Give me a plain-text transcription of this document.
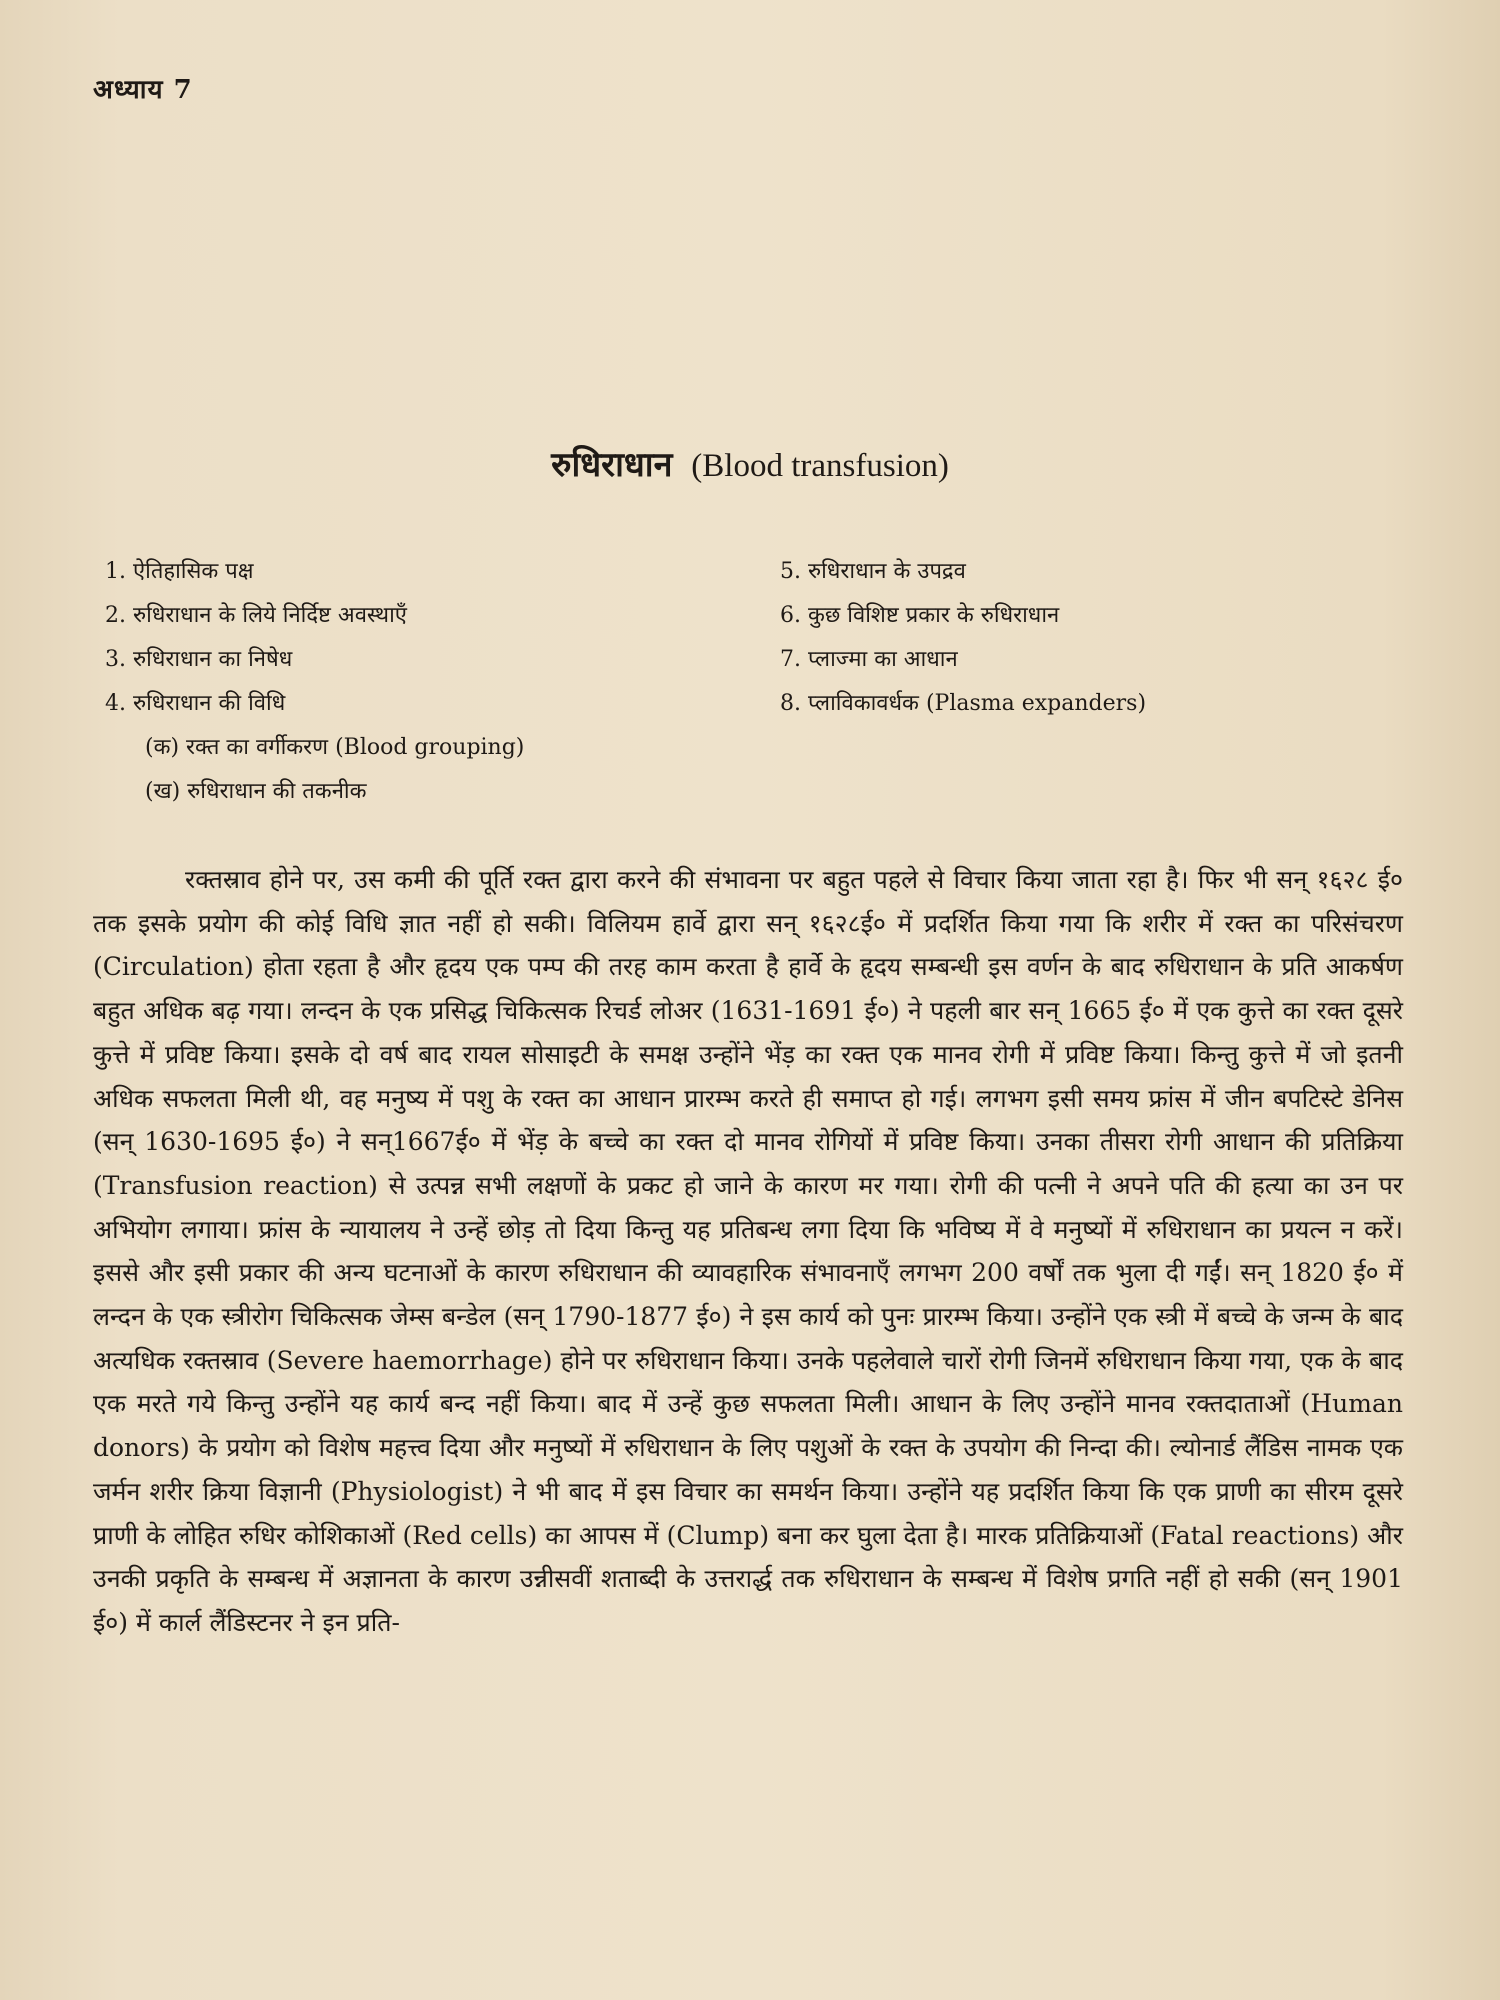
अध्याय 7
रुधिराधान (Blood transfusion)
1. ऐतिहासिक पक्ष
2. रुधिराधान के लिये निर्दिष्ट अवस्थाएँ
3. रुधिराधान का निषेध
4. रुधिराधान की विधि
(क) रक्त का वर्गीकरण (Blood grouping)
(ख) रुधिराधान की तकनीक
5. रुधिराधान के उपद्रव
6. कुछ विशिष्ट प्रकार के रुधिराधान
7. प्लाज्मा का आधान
8. प्लाविकावर्धक (Plasma expanders)

रक्तस्राव होने पर, उस कमी की पूर्ति रक्त द्वारा करने की संभावना पर बहुत पहले से विचार किया जाता रहा है। फिर भी सन् १६२८ ई० तक इसके प्रयोग की कोई विधि ज्ञात नहीं हो सकी। विलियम हार्वे द्वारा सन् १६२८ई० में प्रदर्शित किया गया कि शरीर में रक्त का परिसंचरण (Circulation) होता रहता है और हृदय एक पम्प की तरह काम करता है हार्वे के हृदय सम्बन्धी इस वर्णन के बाद रुधिराधान के प्रति आकर्षण बहुत अधिक बढ़ गया। लन्दन के एक प्रसिद्ध चिकित्सक रिचर्ड लोअर (1631-1691 ई०) ने पहली बार सन् 1665 ई० में एक कुत्ते का रक्त दूसरे कुत्ते में प्रविष्ट किया। इसके दो वर्ष बाद रायल सोसाइटी के समक्ष उन्होंने भेंड़ का रक्त एक मानव रोगी में प्रविष्ट किया। किन्तु कुत्ते में जो इतनी अधिक सफलता मिली थी, वह मनुष्य में पशु के रक्त का आधान प्रारम्भ करते ही समाप्त हो गई। लगभग इसी समय फ्रांस में जीन बपटिस्टे डेनिस (सन् 1630-1695 ई०) ने सन्1667ई० में भेंड़ के बच्चे का रक्त दो मानव रोगियों में प्रविष्ट किया। उनका तीसरा रोगी आधान की प्रतिक्रिया (Transfusion reaction) से उत्पन्न सभी लक्षणों के प्रकट हो जाने के कारण मर गया। रोगी की पत्नी ने अपने पति की हत्या का उन पर अभियोग लगाया। फ्रांस के न्यायालय ने उन्हें छोड़ तो दिया किन्तु यह प्रतिबन्ध लगा दिया कि भविष्य में वे मनुष्यों में रुधिराधान का प्रयत्न न करें। इससे और इसी प्रकार की अन्य घटनाओं के कारण रुधिराधान की व्यावहारिक संभावनाएँ लगभग 200 वर्षों तक भुला दी गईं। सन् 1820 ई० में लन्दन के एक स्त्रीरोग चिकित्सक जेम्स बन्डेल (सन् 1790-1877 ई०) ने इस कार्य को पुनः प्रारम्भ किया। उन्होंने एक स्त्री में बच्चे के जन्म के बाद अत्यधिक रक्तस्राव (Severe haemorrhage) होने पर रुधिराधान किया। उनके पहलेवाले चारों रोगी जिनमें रुधिराधान किया गया, एक के बाद एक मरते गये किन्तु उन्होंने यह कार्य बन्द नहीं किया। बाद में उन्हें कुछ सफलता मिली। आधान के लिए उन्होंने मानव रक्तदाताओं (Human donors) के प्रयोग को विशेष महत्त्व दिया और मनुष्यों में रुधिराधान के लिए पशुओं के रक्त के उपयोग की निन्दा की। ल्योनार्ड लैंडिस नामक एक जर्मन शरीर क्रिया विज्ञानी (Physiologist) ने भी बाद में इस विचार का समर्थन किया। उन्होंने यह प्रदर्शित किया कि एक प्राणी का सीरम दूसरे प्राणी के लोहित रुधिर कोशिकाओं (Red cells) का आपस में (Clump) बना कर घुला देता है। मारक प्रतिक्रियाओं (Fatal reactions) और उनकी प्रकृति के सम्बन्ध में अज्ञानता के कारण उन्नीसवीं शताब्दी के उत्तरार्द्ध तक रुधिराधान के सम्बन्ध में विशेष प्रगति नहीं हो सकी (सन् 1901 ई०) में कार्ल लैंडिस्टनर ने इन प्रति-
